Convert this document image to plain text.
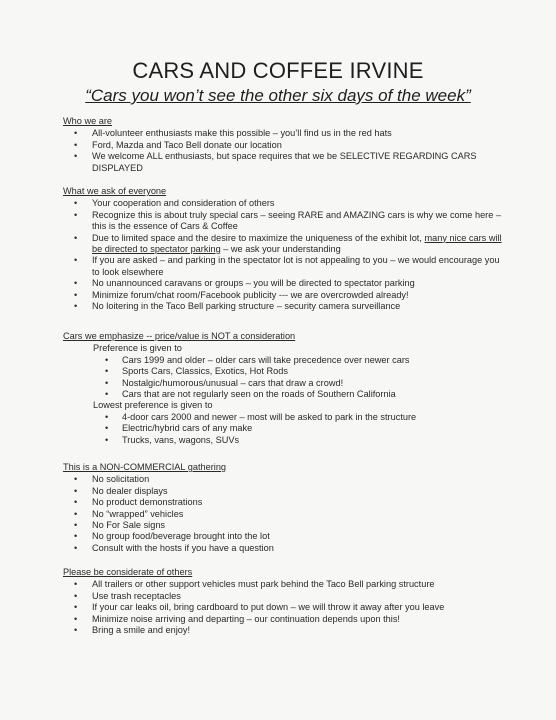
CARS AND COFFEE IRVINE
“Cars you won’t see the other six days of the week”
Who we are
• All-volunteer enthusiasts make this possible – you’ll find us in the red hats
• Ford, Mazda and Taco Bell donate our location
• We welcome ALL enthusiasts, but space requires that we be SELECTIVE REGARDING CARS DISPLAYED
What we ask of everyone
• Your cooperation and consideration of others
• Recognize this is about truly special cars – seeing RARE and AMAZING cars is why we come here – this is the essence of Cars & Coffee
• Due to limited space and the desire to maximize the uniqueness of the exhibit lot, many nice cars will be directed to spectator parking – we ask your understanding
• If you are asked – and parking in the spectator lot is not appealing to you – we would encourage you to look elsewhere
• No unannounced caravans or groups – you will be directed to spectator parking
• Minimize forum/chat room/Facebook publicity --- we are overcrowded already!
• No loitering in the Taco Bell parking structure – security camera surveillance
Cars we emphasize -- price/value is NOT a consideration
Preference is given to
• Cars 1999 and older – older cars will take precedence over newer cars
• Sports Cars, Classics, Exotics, Hot Rods
• Nostalgic/humorous/unusual – cars that draw a crowd!
• Cars that are not regularly seen on the roads of Southern California
Lowest preference is given to
• 4-door cars 2000 and newer – most will be asked to park in the structure
• Electric/hybrid cars of any make
• Trucks, vans, wagons, SUVs
This is a NON-COMMERCIAL gathering
• No solicitation
• No dealer displays
• No product demonstrations
• No “wrapped” vehicles
• No For Sale signs
• No group food/beverage brought into the lot
• Consult with the hosts if you have a question
Please be considerate of others
• All trailers or other support vehicles must park behind the Taco Bell parking structure
• Use trash receptacles
• If your car leaks oil, bring cardboard to put down – we will throw it away after you leave
• Minimize noise arriving and departing – our continuation depends upon this!
• Bring a smile and enjoy!
